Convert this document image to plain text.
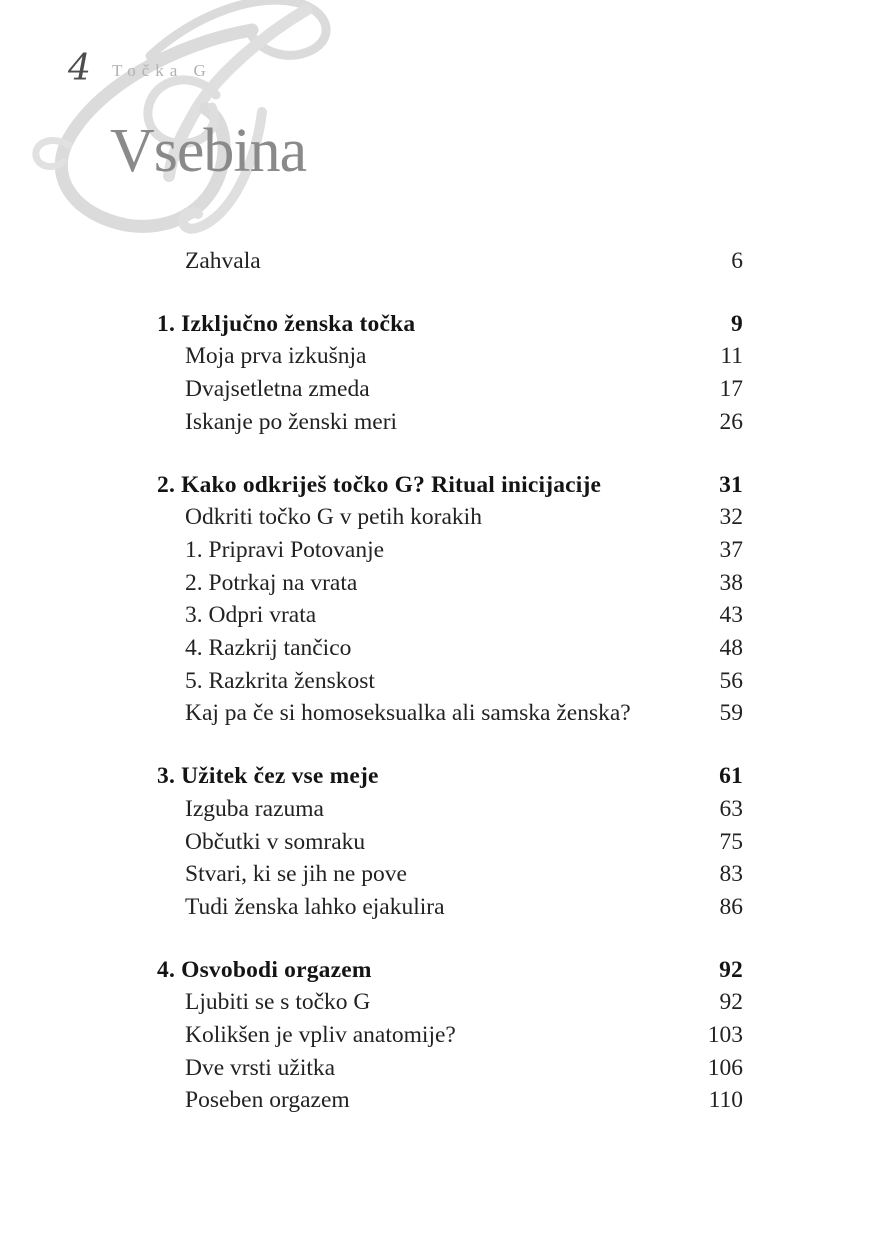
4 Točka G
Vsebina
Zahvala	6
1. Izključno ženska točka	9
Moja prva izkušnja	11
Dvajsetletna zmeda	17
Iskanje po ženski meri	26
2. Kako odkriješ točko G? Ritual inicijacije	31
Odkriti točko G v petih korakih	32
1. Pripravi Potovanje	37
2. Potrkaj na vrata	38
3. Odpri vrata	43
4. Razkrij tančico	48
5. Razkrita ženskost	56
Kaj pa če si homoseksualka ali samska ženska?	59
3. Užitek čez vse meje	61
Izguba razuma	63
Občutki v somraku	75
Stvari, ki se jih ne pove	83
Tudi ženska lahko ejakulira	86
4. Osvobodi orgazem	92
Ljubiti se s točko G	92
Kolikšen je vpliv anatomije?	103
Dve vrsti užitka	106
Poseben orgazem	110
